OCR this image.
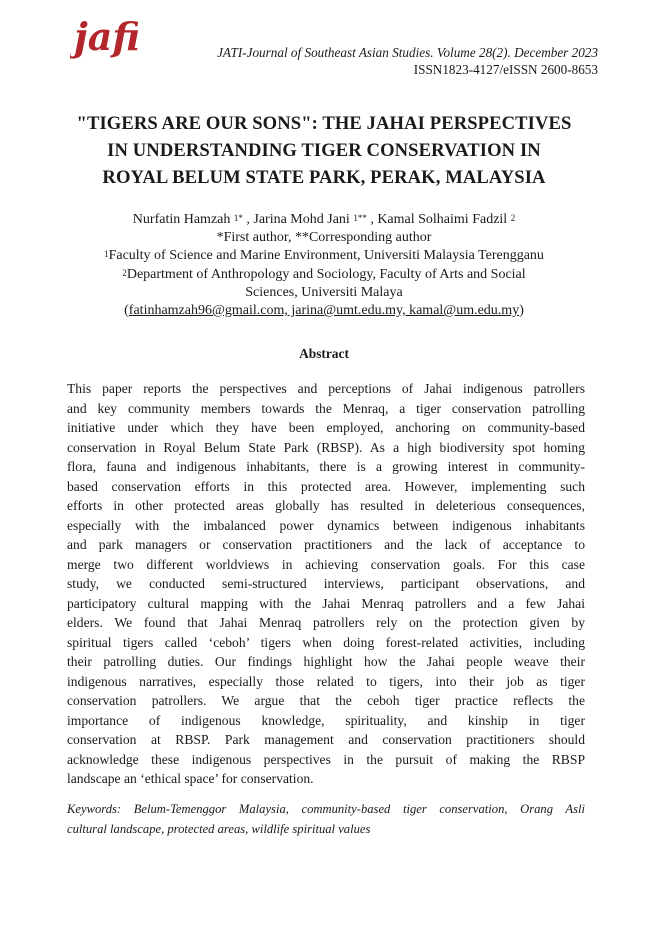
jafi	JATI-Journal of Southeast Asian Studies. Volume 28(2). December 2023
ISSN1823-4127/eISSN 2600-8653
"TIGERS ARE OUR SONS": THE JAHAI PERSPECTIVES
IN UNDERSTANDING TIGER CONSERVATION IN
ROYAL BELUM STATE PARK, PERAK, MALAYSIA
Nurfatin Hamzah $^{1*}$ , Jarina Mohd Jani $^{1**}$ , Kamal Solhaimi Fadzil $^2$
*First author, **Corresponding author
$^1$Faculty of Science and Marine Environment, Universiti Malaysia Terengganu
$^2$Department of Anthropology and Sociology, Faculty of Arts and Social
Sciences, Universiti Malaya
(fatinhamzah96@gmail.com, jarina@umt.edu.my, kamal@um.edu.my)
Abstract
This paper reports the perspectives and perceptions of Jahai indigenous patrollers
and key community members towards the Menraq, a tiger conservation patrolling
initiative under which they have been employed, anchoring on community-based
conservation in Royal Belum State Park (RBSP). As a high biodiversity spot homing
flora, fauna and indigenous inhabitants, there is a growing interest in community-
based conservation efforts in this protected area. However, implementing such
efforts in other protected areas globally has resulted in deleterious consequences,
especially with the imbalanced power dynamics between indigenous inhabitants
and park managers or conservation practitioners and the lack of acceptance to
merge two different worldviews in achieving conservation goals. For this case
study, we conducted semi-structured interviews, participant observations, and
participatory cultural mapping with the Jahai Menraq patrollers and a few Jahai
elders. We found that Jahai Menraq patrollers rely on the protection given by
spiritual tigers called ‘ceboh’ tigers when doing forest-related activities, including
their patrolling duties. Our findings highlight how the Jahai people weave their
indigenous narratives, especially those related to tigers, into their job as tiger
conservation patrollers. We argue that the ceboh tiger practice reflects the
importance of indigenous knowledge, spirituality, and kinship in tiger
conservation at RBSP. Park management and conservation practitioners should
acknowledge these indigenous perspectives in the pursuit of making the RBSP
landscape an ‘ethical space’ for conservation.
Keywords: Belum-Temenggor Malaysia, community-based tiger conservation, Orang Asli
cultural landscape, protected areas, wildlife spiritual values
